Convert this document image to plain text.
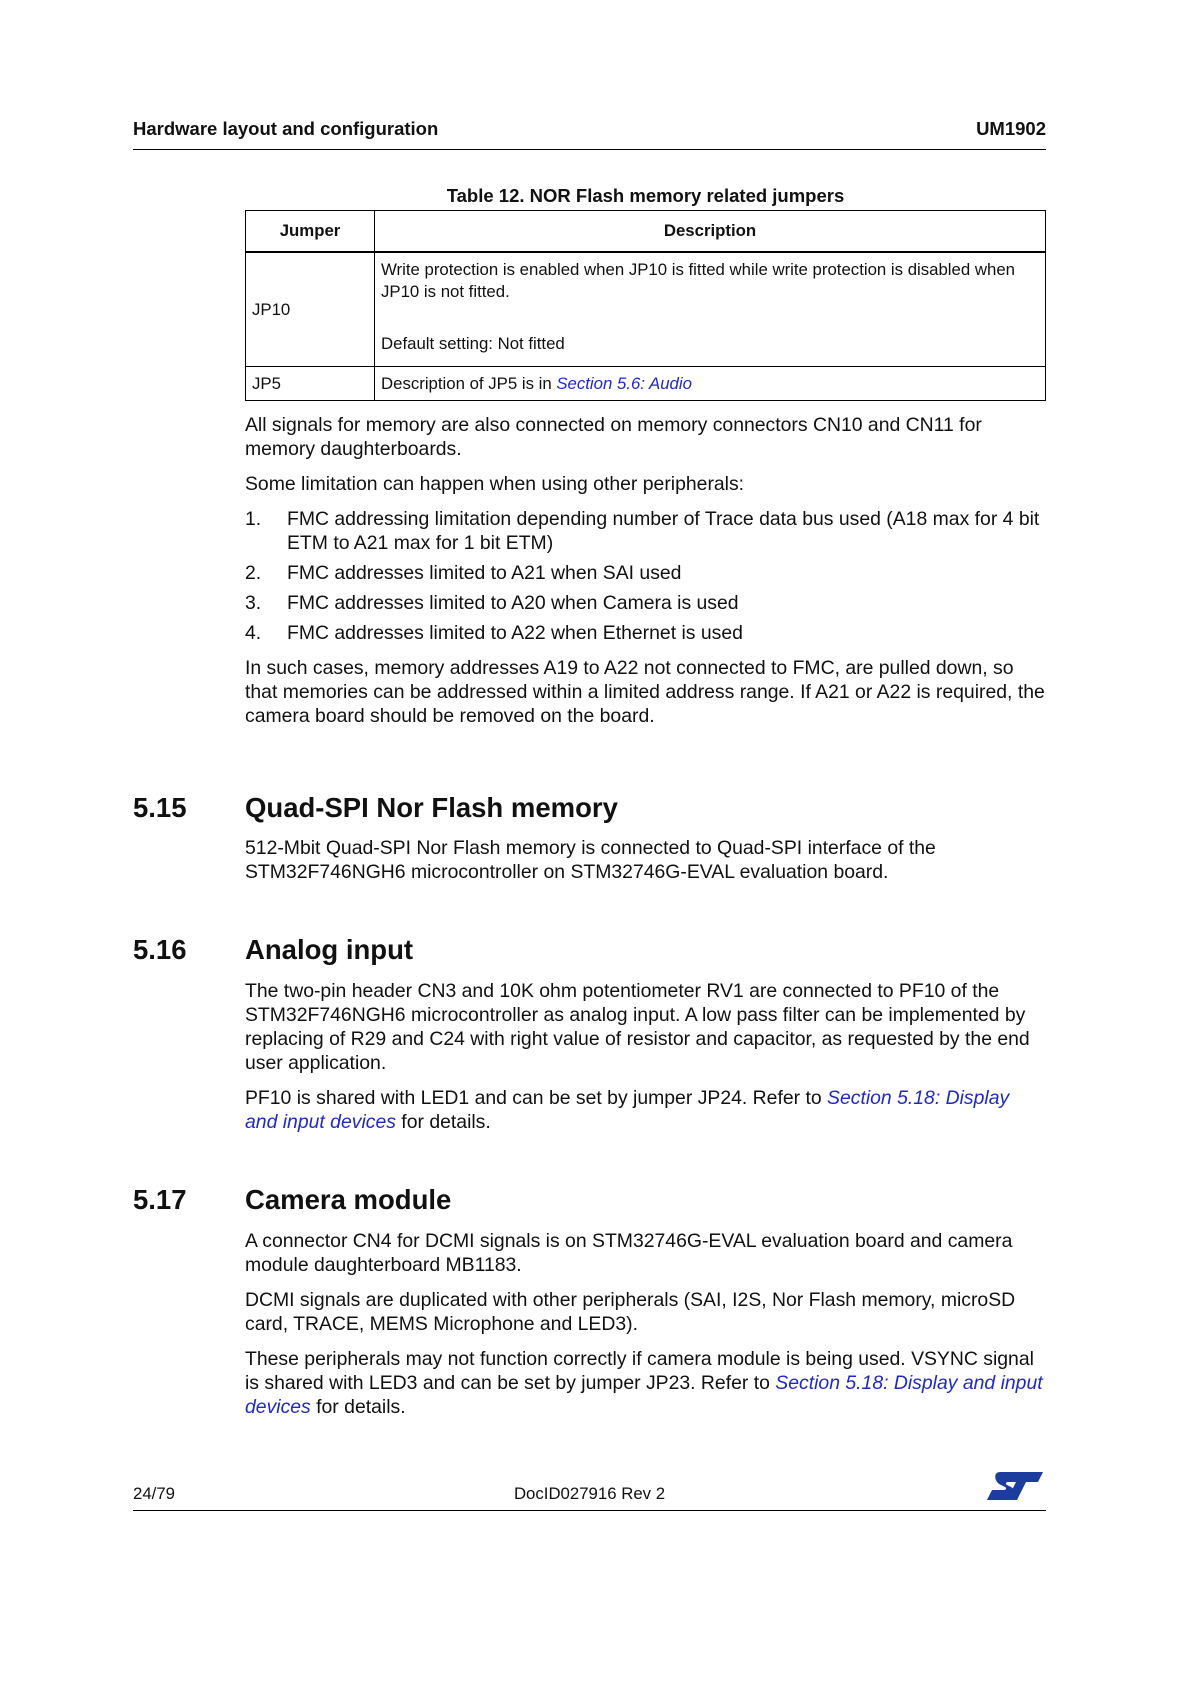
Hardware layout and configuration	UM1902
Table 12. NOR Flash memory related jumpers
Jumper	Description
JP10	Write protection is enabled when JP10 is fitted while write protection is disabled when JP10 is not fitted.
Default setting: Not fitted

JP5	Description of JP5 is in Section 5.6: Audio

All signals for memory are also connected on memory connectors CN10 and CN11 for memory daughterboards.

Some limitation can happen when using other peripherals:

1.	FMC addressing limitation depending number of Trace data bus used (A18 max for 4 bit ETM to A21 max for 1 bit ETM)
2.	FMC addresses limited to A21 when SAI used
3.	FMC addresses limited to A20 when Camera is used
4.	FMC addresses limited to A22 when Ethernet is used

In such cases, memory addresses A19 to A22 not connected to FMC, are pulled down, so that memories can be addressed within a limited address range. If A21 or A22 is required, the camera board should be removed on the board.

5.15 Quad-SPI Nor Flash memory

512-Mbit Quad-SPI Nor Flash memory is connected to Quad-SPI interface of the STM32F746NGH6 microcontroller on STM32746G-EVAL evaluation board.

5.16 Analog input

The two-pin header CN3 and 10K ohm potentiometer RV1 are connected to PF10 of the STM32F746NGH6 microcontroller as analog input. A low pass filter can be implemented by replacing of R29 and C24 with right value of resistor and capacitor, as requested by the end user application.

PF10 is shared with LED1 and can be set by jumper JP24. Refer to Section 5.18: Display and input devices for details.

5.17 Camera module

A connector CN4 for DCMI signals is on STM32746G-EVAL evaluation board and camera module daughterboard MB1183.

DCMI signals are duplicated with other peripherals (SAI, I2S, Nor Flash memory, microSD card, TRACE, MEMS Microphone and LED3).

These peripherals may not function correctly if camera module is being used. VSYNC signal is shared with LED3 and can be set by jumper JP23. Refer to Section 5.18: Display and input devices for details.

24/79	DocID027916 Rev 2
